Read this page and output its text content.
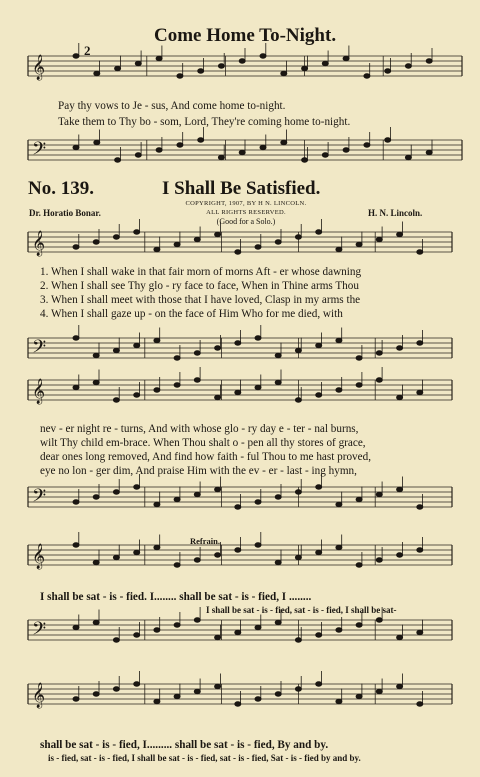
𝄞
𝄢
𝄞
𝄢
𝄞
𝄢
𝄞
𝄢
𝄞
Come Home To-Night.
2
Pay thy vows to Je - sus, And come home to-night.
Take them to Thy bo - som, Lord, They're coming home to-night.
No. 139.	I Shall Be Satisfied.
Dr. Horatio Bonar.
COPYRIGHT, 1907, BY H N. LINCOLN.
ALL RIGHTS RESERVED.
(Good for a Solo.)
H. N. Lincoln.
1. When I shall wake in that fair morn of morns Aft - er whose dawning
2. When I shall see Thy glo - ry face to face, When in Thine arms Thou
3. When I shall meet with those that I have loved, Clasp in my arms the
4. When I shall gaze up - on the face of Him Who for me died, with
nev - er night re - turns, And with whose glo - ry day e - ter - nal burns,
wilt Thy child em-brace. When Thou shalt o - pen all thy stores of grace,
dear ones long removed, And find how faith - ful Thou to me hast proved,
eye no lon - ger dim, And praise Him with the ev - er - last - ing hymn,
Refrain.
I shall be sat - is - fied. I........ shall be sat - is - fied, I ........
I shall be sat - is - fied, sat - is - fied, I shall be sat-
shall be sat - is - fied, I......... shall be sat - is - fied, By and by.
is - fied, sat - is - fied, I shall be sat - is - fied, sat - is - fied, Sat - is - fied by and by.
